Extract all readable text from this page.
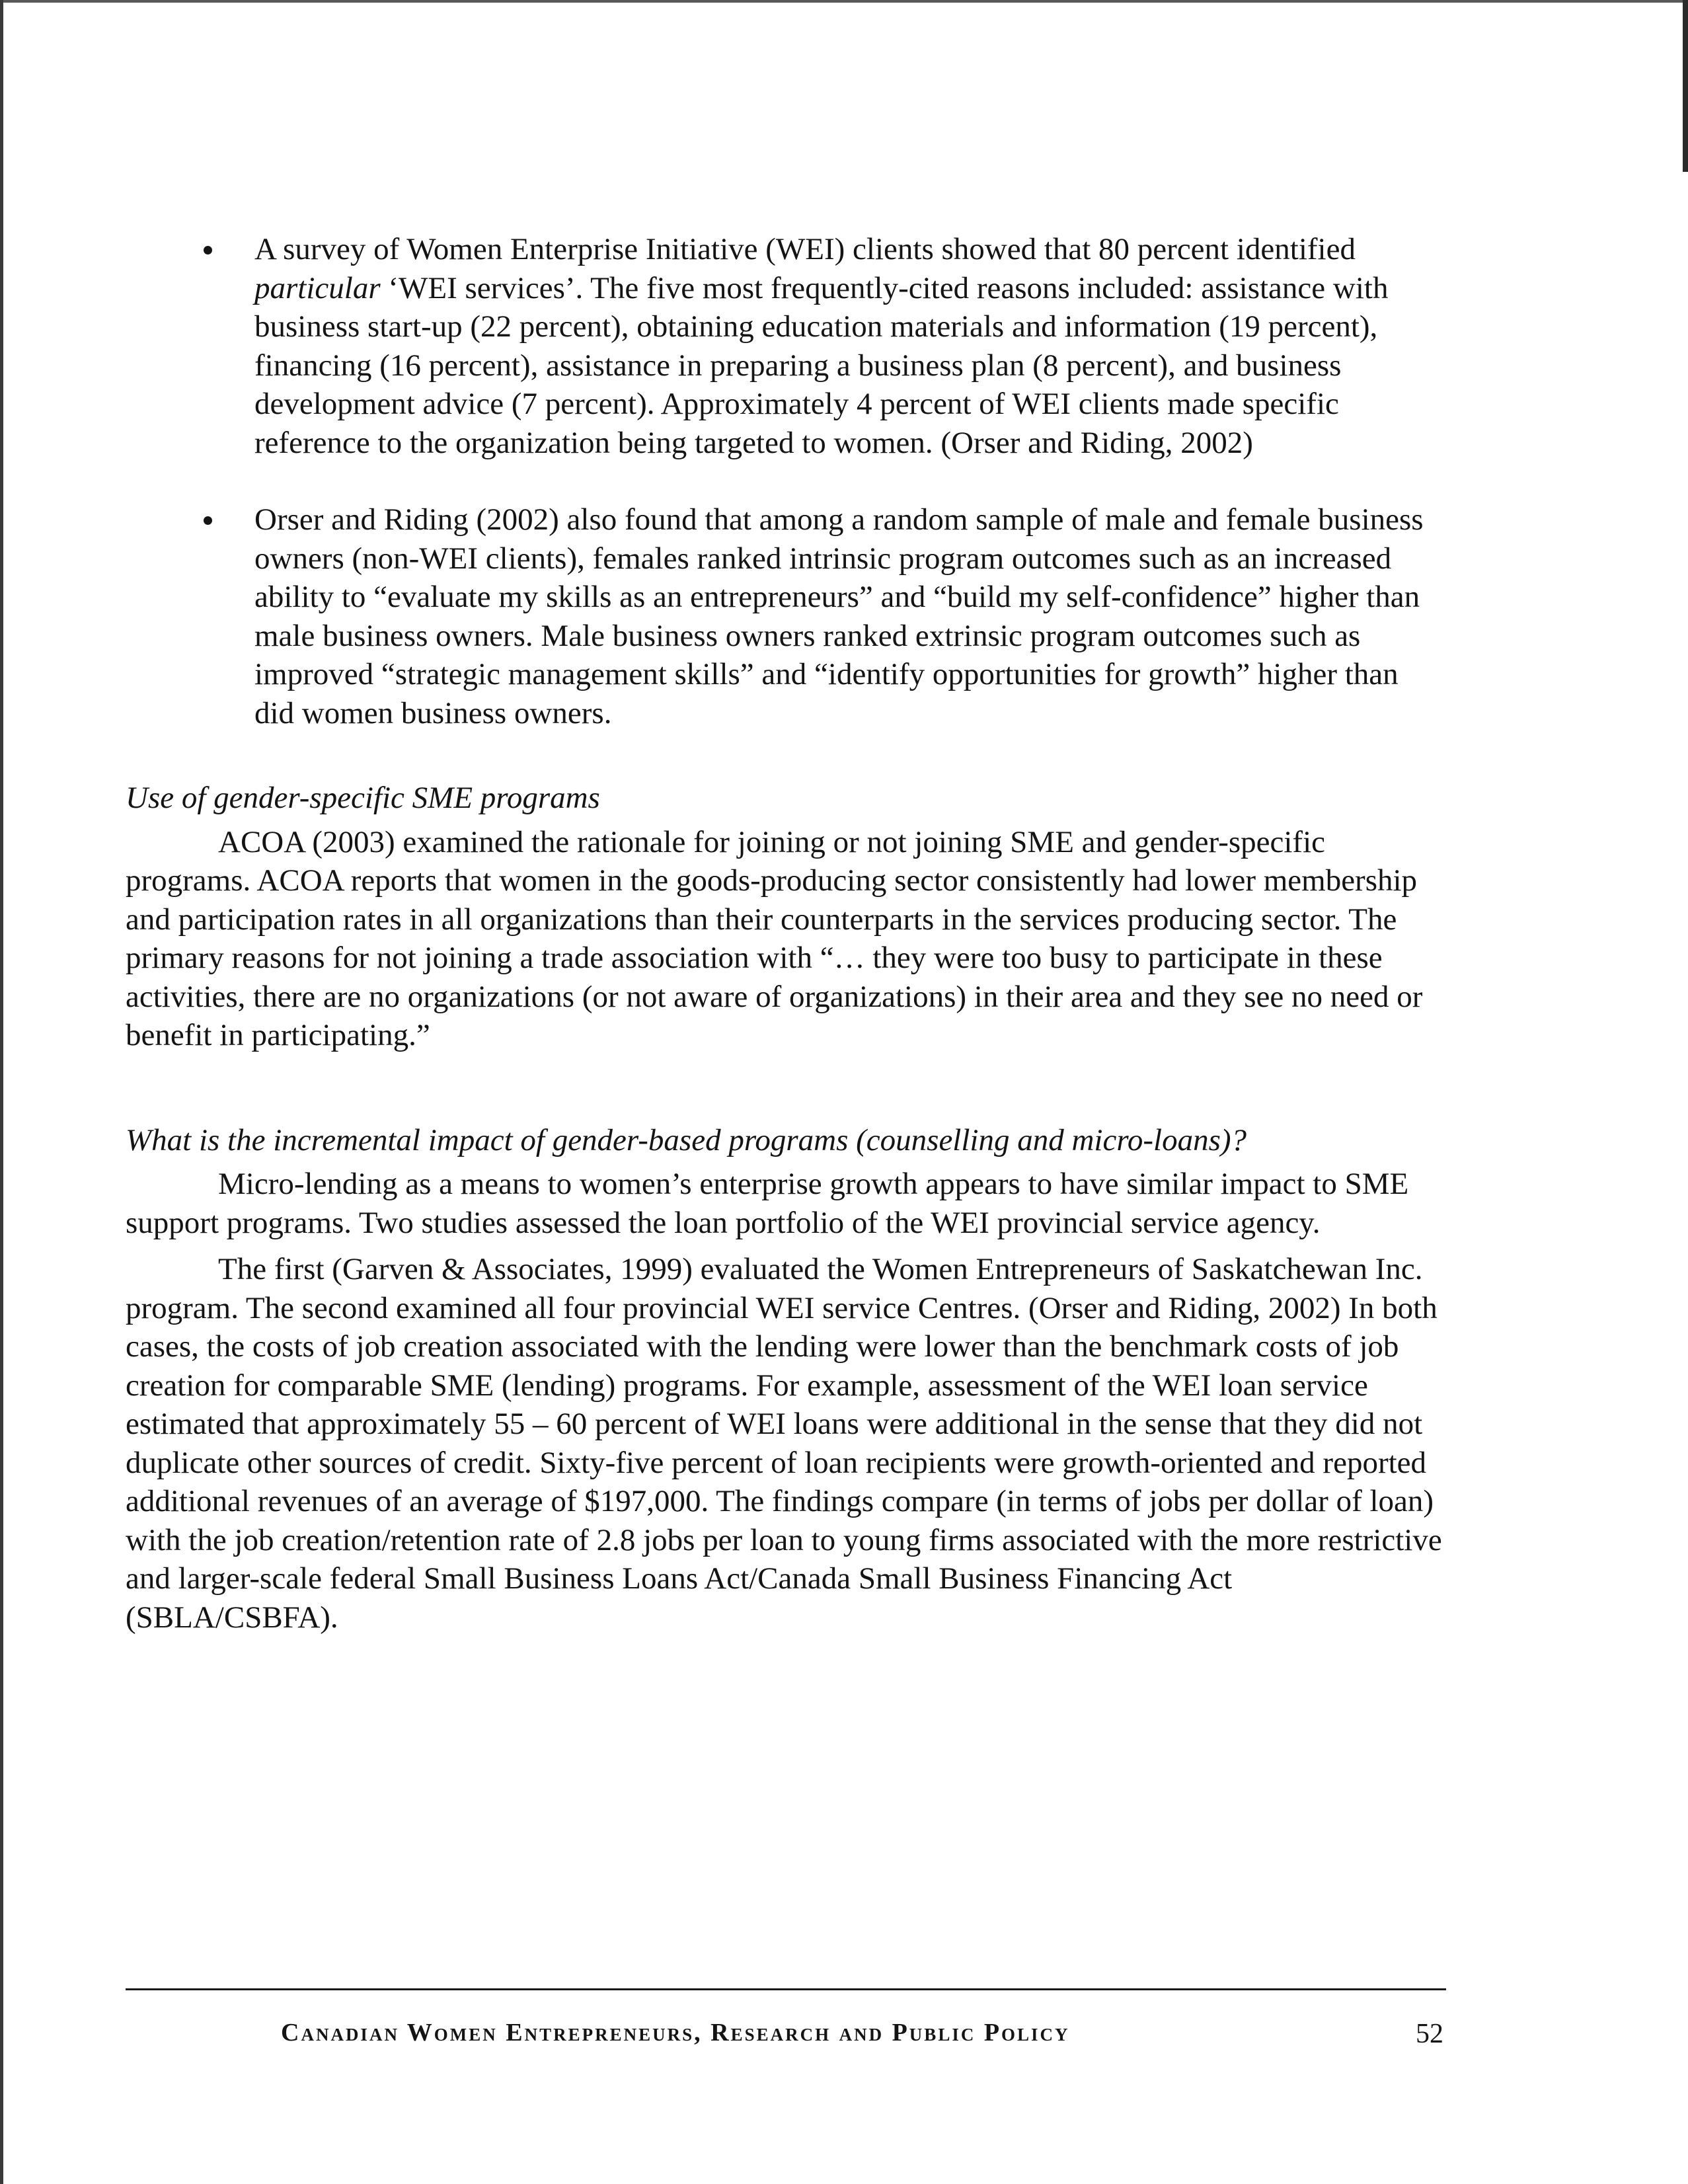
A survey of Women Enterprise Initiative (WEI) clients showed that 80 percent identified particular ‘WEI services’. The five most frequently-cited reasons included: assistance with business start-up (22 percent), obtaining education materials and information (19 percent), financing (16 percent), assistance in preparing a business plan (8 percent), and business development advice (7 percent). Approximately 4 percent of WEI clients made specific reference to the organization being targeted to women. (Orser and Riding, 2002)
Orser and Riding (2002) also found that among a random sample of male and female business owners (non-WEI clients), females ranked intrinsic program outcomes such as an increased ability to “evaluate my skills as an entrepreneurs” and “build my self-confidence” higher than male business owners. Male business owners ranked extrinsic program outcomes such as improved “strategic management skills” and “identify opportunities for growth” higher than did women business owners.

Use of gender-specific SME programs

ACOA (2003) examined the rationale for joining or not joining SME and gender-specific programs. ACOA reports that women in the goods-producing sector consistently had lower membership and participation rates in all organizations than their counterparts in the services producing sector. The primary reasons for not joining a trade association with “… they were too busy to participate in these activities, there are no organizations (or not aware of organizations) in their area and they see no need or benefit in participating.”

What is the incremental impact of gender-based programs (counselling and micro-loans)?

Micro-lending as a means to women’s enterprise growth appears to have similar impact to SME support programs. Two studies assessed the loan portfolio of the WEI provincial service agency.

The first (Garven & Associates, 1999) evaluated the Women Entrepreneurs of Saskatchewan Inc. program. The second examined all four provincial WEI service Centres. (Orser and Riding, 2002) In both cases, the costs of job creation associated with the lending were lower than the benchmark costs of job creation for comparable SME (lending) programs. For example, assessment of the WEI loan service estimated that approximately 55 – 60 percent of WEI loans were additional in the sense that they did not duplicate other sources of credit. Sixty-five percent of loan recipients were growth-oriented and reported additional revenues of an average of $197,000. The findings compare (in terms of jobs per dollar of loan) with the job creation/retention rate of 2.8 jobs per loan to young firms associated with the more restrictive and larger-scale federal Small Business Loans Act/Canada Small Business Financing Act (SBLA/CSBFA).

Canadian Women Entrepreneurs, Research and Public Policy	52
